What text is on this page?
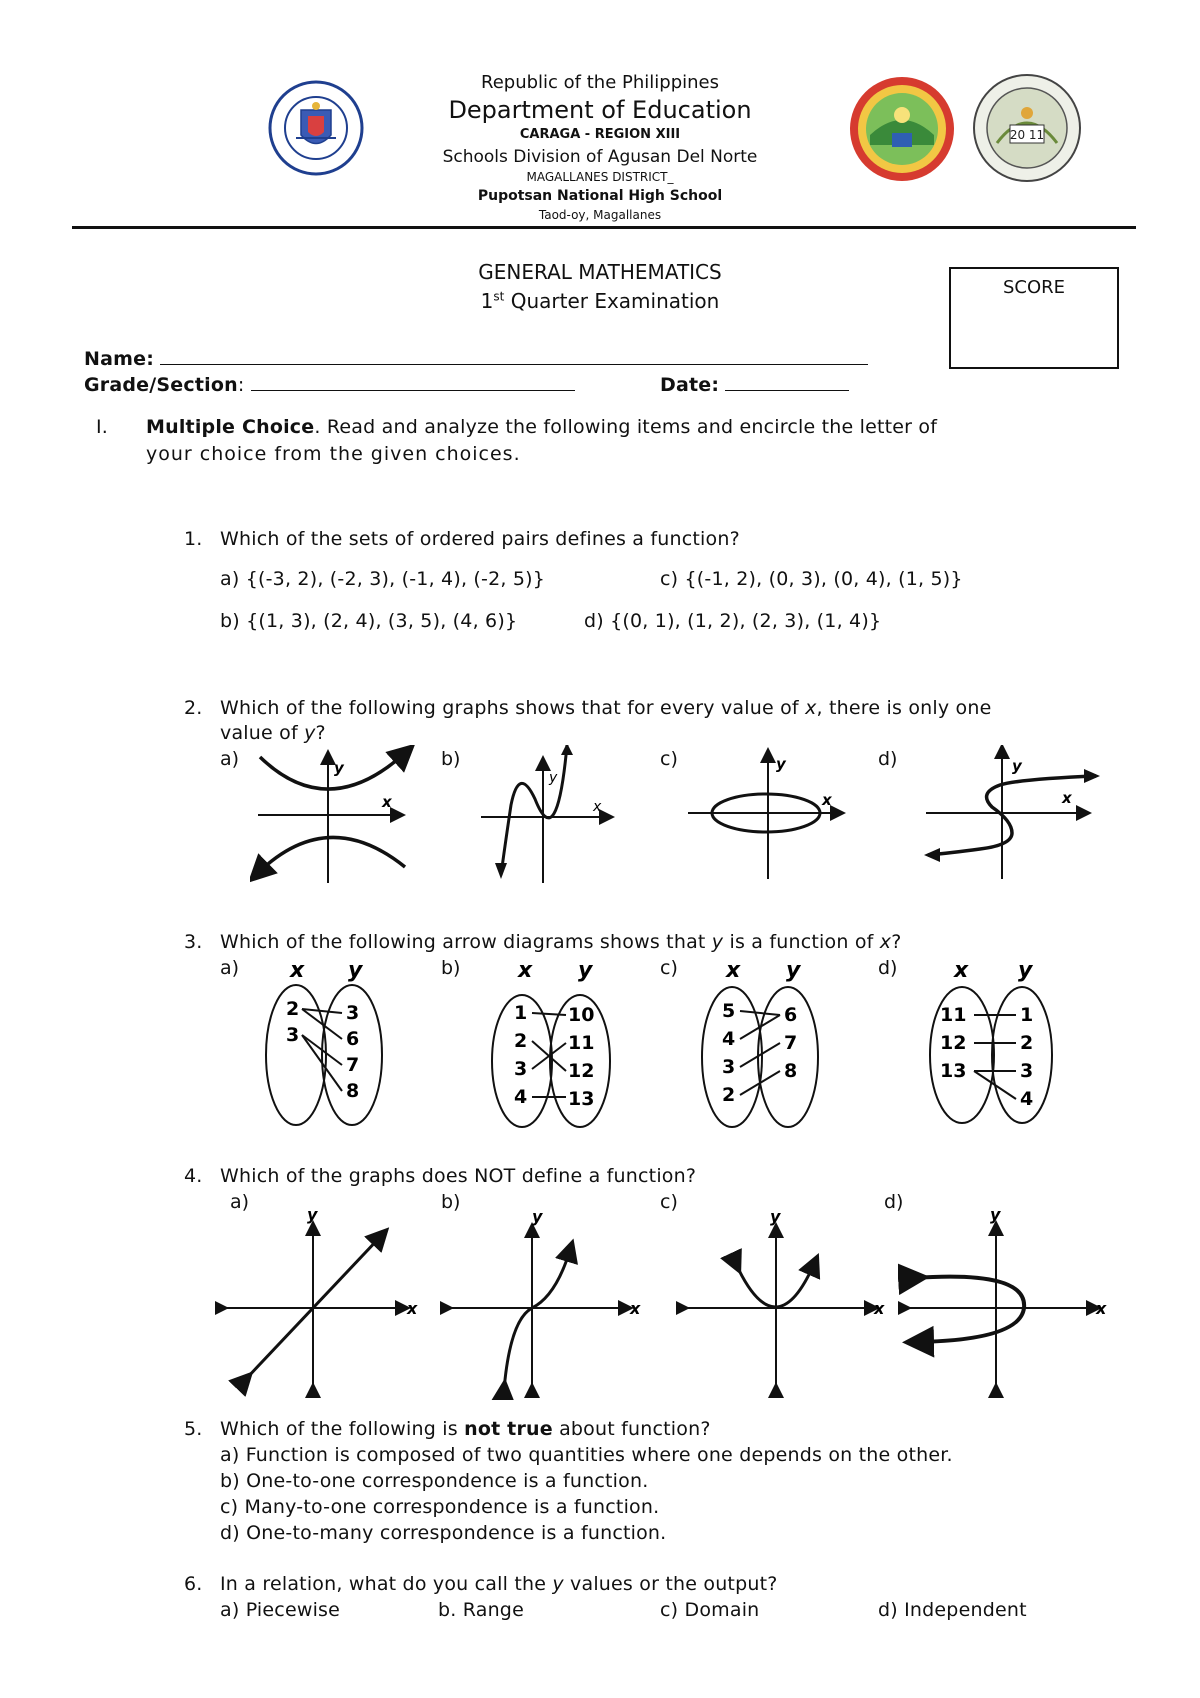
Republic of the Philippines
Department of Education
CARAGA - REGION XIII
Schools Division of Agusan Del Norte
MAGALLANES DISTRICT_
Pupotsan National High School
Taod-oy, Magallanes
20 11
GENERAL MATHEMATICS
1st Quarter Examination
SCORE
Name:
Grade/Section:	Date:
I. Multiple Choice. Read and analyze the following items and encircle the letter of
your choice from the given choices.
1. Which of the sets of ordered pairs defines a function?
a) {(-3, 2), (-2, 3), (-1, 4), (-2, 5)}	c) {(-1, 2), (0, 3), (0, 4), (1, 5)}
b) {(1, 3), (2, 4), (3, 5), (4, 6)}	d) {(0, 1), (1, 2), (2, 3), (1, 4)}
2. Which of the following graphs shows that for every value of x, there is only one
value of y?
a)	b)	c)	d)
y
x
y
x
y
x
y
x
3. Which of the following arrow diagrams shows that y is a function of x?
a)	b)	c)	d)
x y
2
3
3
6
7
8
x y
1
2
3
4
10
11
12
13
x y
5
4
3
2
6
7
8
x y
11
12
13
1
2
3
4
4. Which of the graphs does NOT define a function?
a)	b)	c)	d)
y
x
y
x
y
x
y
x
5. Which of the following is not true about function?
a) Function is composed of two quantities where one depends on the other.
b) One-to-one correspondence is a function.
c) Many-to-one correspondence is a function.
d) One-to-many correspondence is a function.
6. In a relation, what do you call the y values or the output?
a) Piecewise	b. Range	c) Domain	d) Independent
